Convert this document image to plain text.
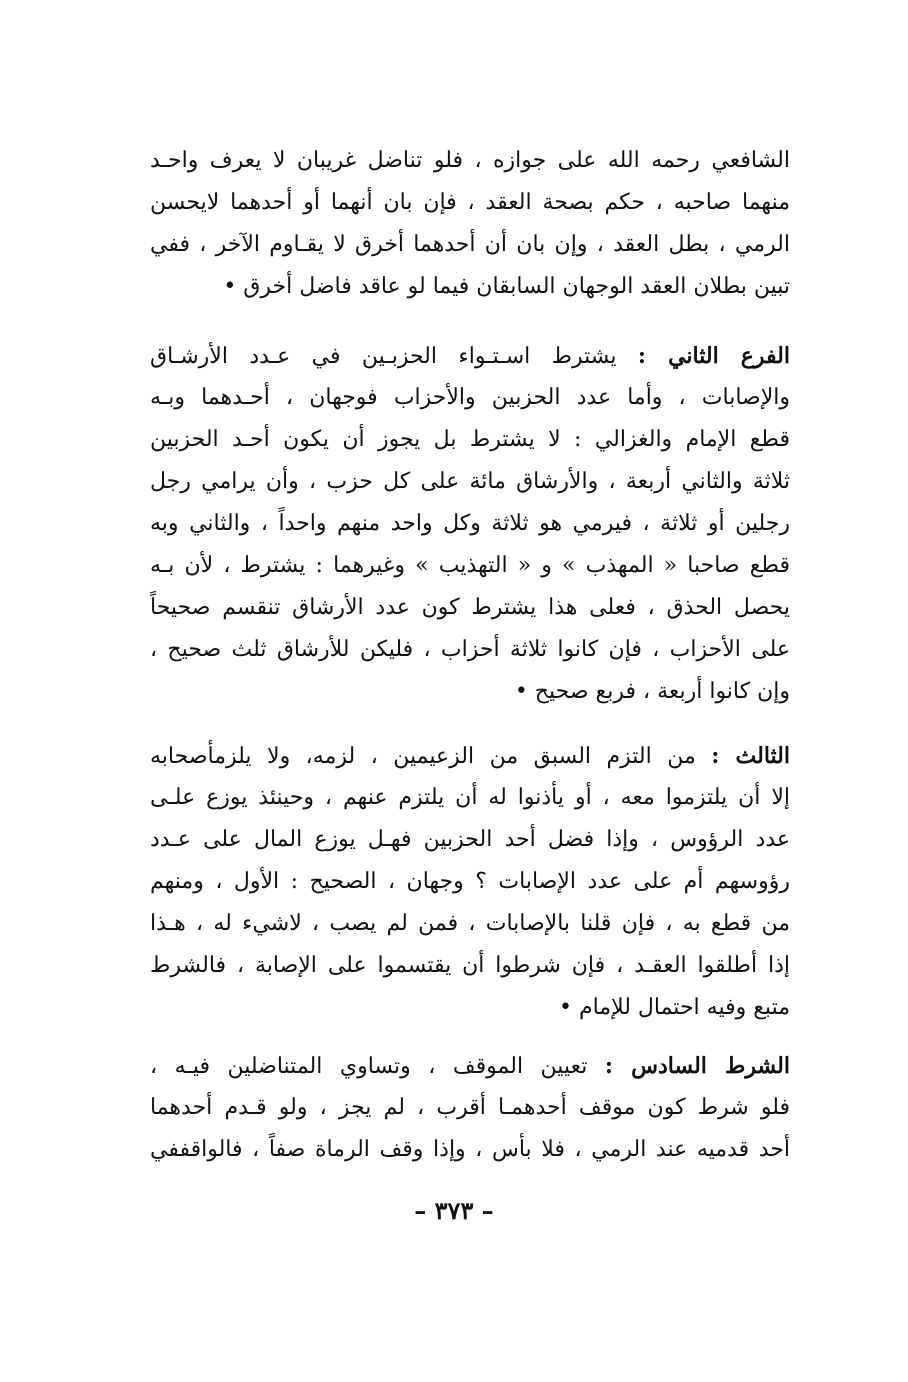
الشافعي رحمه الله على جوازه ، فلو تناضل غريبان لا يعرف واحـد
منهما صاحبه ، حكم بصحة العقد ، فإن بان أنهما أو أحدهما لايحسن
الرمي ، بطل العقد ، وإن بان أن أحدهما أخرق لا يقـاوم الآخر ، ففي
تبين بطلان العقد الوجهان السابقان فيما لو عاقد فاضل أخرق •
الفرع الثاني : يشترط اسـتـواء الحزبـين في عـدد الأرشـاق
والإصابات ، وأما عدد الحزبين والأحزاب فوجهان ، أحـدهما وبـه
قطع الإمام والغزالي : لا يشترط بل يجوز أن يكون أحـد الحزبين
ثلاثة والثاني أربعة ، والأرشاق مائة على كل حزب ، وأن يرامي رجل
رجلين أو ثلاثة ، فيرمي هو ثلاثة وكل واحد منهم واحداً ، والثاني وبه
قطع صاحبا « المهذب » و « التهذيب » وغيرهما : يشترط ، لأن بـه
يحصل الحذق ، فعلى هذا يشترط كون عدد الأرشاق تنقسم صحيحاً
على الأحزاب ، فإن كانوا ثلاثة أحزاب ، فليكن للأرشاق ثلث صحيح ،
وإن كانوا أربعة ، فربع صحيح •
الثالث : من التزم السبق من الزعيمين ، لزمه، ولا يلزمأصحابه
إلا أن يلتزموا معه ، أو يأذنوا له أن يلتزم عنهم ، وحينئذ يوزع علـى
عدد الرؤوس ، وإذا فضل أحد الحزبين فهـل يوزع المال على عـدد
رؤوسهم أم على عدد الإصابات ؟ وجهان ، الصحيح : الأول ، ومنهم
من قطع به ، فإن قلنا بالإصابات ، فمن لم يصب ، لاشيء له ، هـذا
إذا أطلقوا العقـد ، فإن شرطوا أن يقتسموا على الإصابة ، فالشرط
متبع وفيه احتمال للإمام •
الشرط السادس : تعيين الموقف ، وتساوي المتناضلين فيـه ،
فلو شرط كون موقف أحدهمـا أقرب ، لم يجز ، ولو قـدم أحدهما
أحد قدميه عند الرمي ، فلا بأس ، وإذا وقف الرماة صفاً ، فالواقففي
– ٣٧٣ –
